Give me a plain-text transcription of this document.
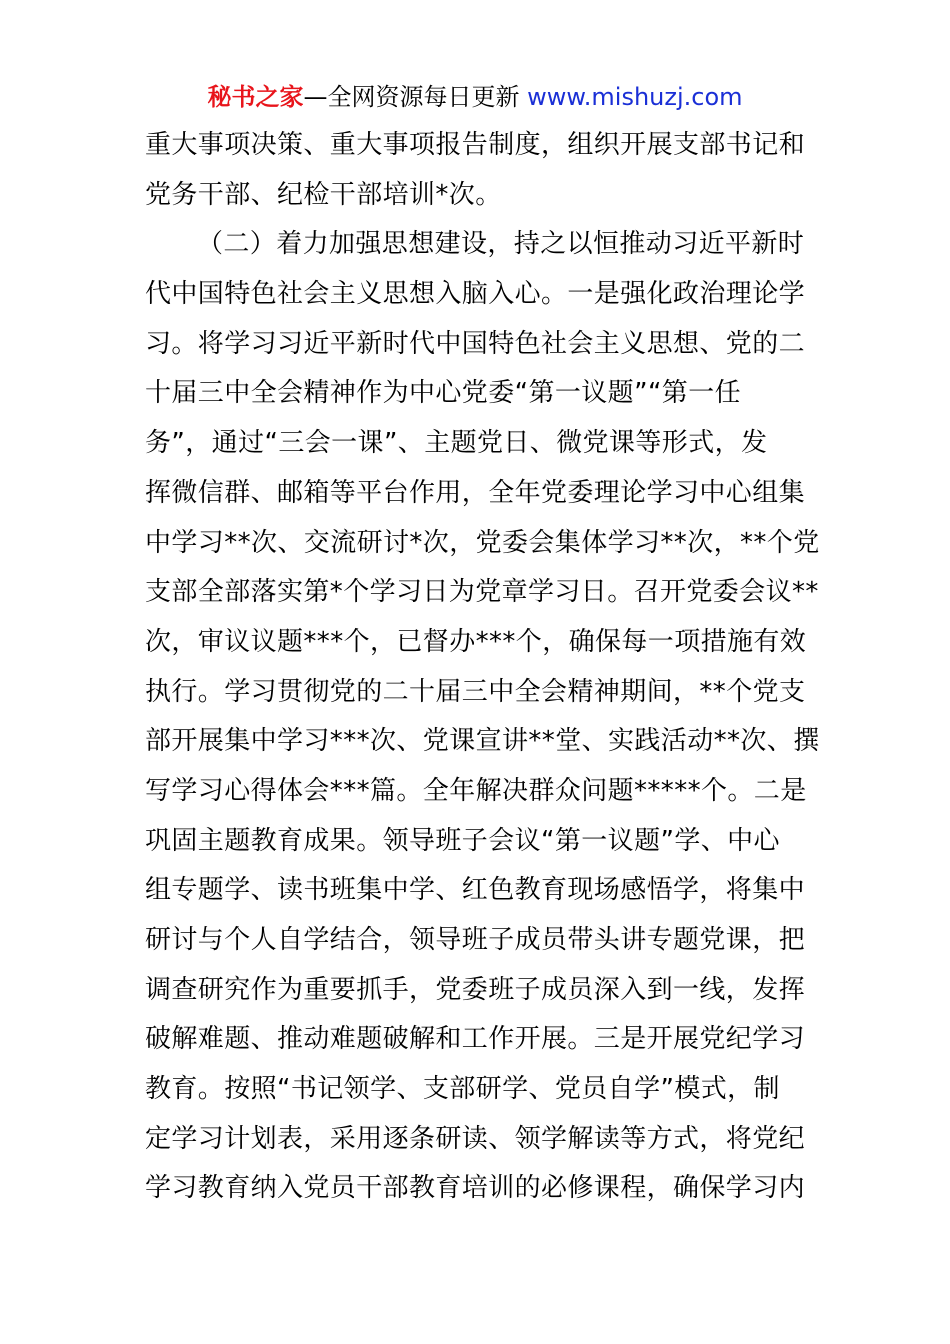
秘书之家—全网资源每日更新 www.mishuzj.com
重大事项决策、重大事项报告制度，组织开展支部书记和
党务干部、纪检干部培训*次。
（二）着力加强思想建设，持之以恒推动习近平新时
代中国特色社会主义思想入脑入心。一是强化政治理论学
习。将学习习近平新时代中国特色社会主义思想、党的二
十届三中全会精神作为中心党委“第一议题”“第一任
务”，通过“三会一课”、主题党日、微党课等形式，发
挥微信群、邮箱等平台作用，全年党委理论学习中心组集
中学习**次、交流研讨*次，党委会集体学习**次，**个党
支部全部落实第*个学习日为党章学习日。召开党委会议**
次，审议议题***个，已督办***个，确保每一项措施有效
执行。学习贯彻党的二十届三中全会精神期间，**个党支
部开展集中学习***次、党课宣讲**堂、实践活动**次、撰
写学习心得体会***篇。全年解决群众问题*****个。二是
巩固主题教育成果。领导班子会议“第一议题”学、中心
组专题学、读书班集中学、红色教育现场感悟学，将集中
研讨与个人自学结合，领导班子成员带头讲专题党课，把
调查研究作为重要抓手，党委班子成员深入到一线，发挥
破解难题、推动难题破解和工作开展。三是开展党纪学习
教育。按照“书记领学、支部研学、党员自学”模式，制
定学习计划表，采用逐条研读、领学解读等方式，将党纪
学习教育纳入党员干部教育培训的必修课程，确保学习内
